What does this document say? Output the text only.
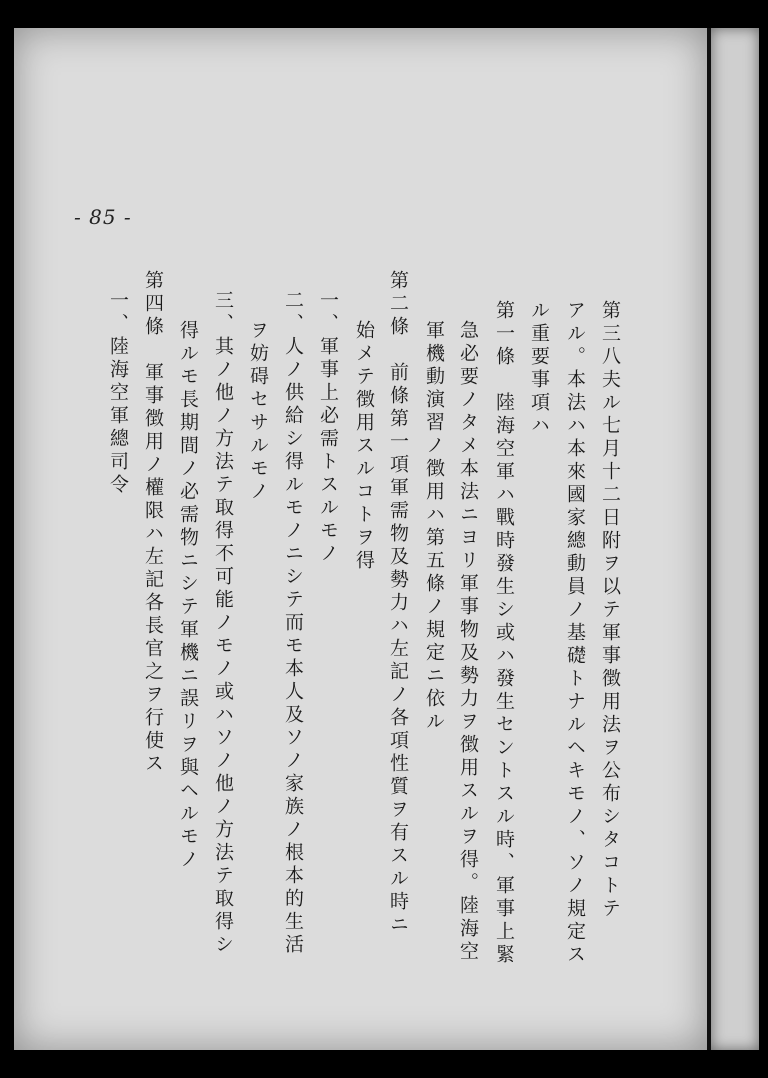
- 85 -
第三八夫ル七月十二日附ヲ以テ軍事徴用法ヲ公布シタコトテ
アル。本法ハ本來國家總動員ノ基礎トナルヘキモノ、ソノ規定ス
ル重要事項ハ
第一條　陸海空軍ハ戰時發生シ或ハ發生セントスル時、軍事上緊
急必要ノタメ本法ニヨリ軍事物及勢力ヲ徴用スルヲ得。陸海空
軍機動演習ノ徴用ハ第五條ノ規定ニ依ル
第二條　前條第一項軍需物及勢力ハ左記ノ各項性質ヲ有スル時ニ
始メテ徴用スルコトヲ得
一、軍事上必需トスルモノ
二、人ノ供給シ得ルモノニシテ而モ本人及ソノ家族ノ根本的生活
ヲ妨碍セサルモノ
三、其ノ他ノ方法テ取得不可能ノモノ或ハソノ他ノ方法テ取得シ
得ルモ長期間ノ必需物ニシテ軍機ニ誤リヲ與ヘルモノ
第四條　軍事徴用ノ權限ハ左記各長官之ヲ行使ス
一、陸海空軍總司令
